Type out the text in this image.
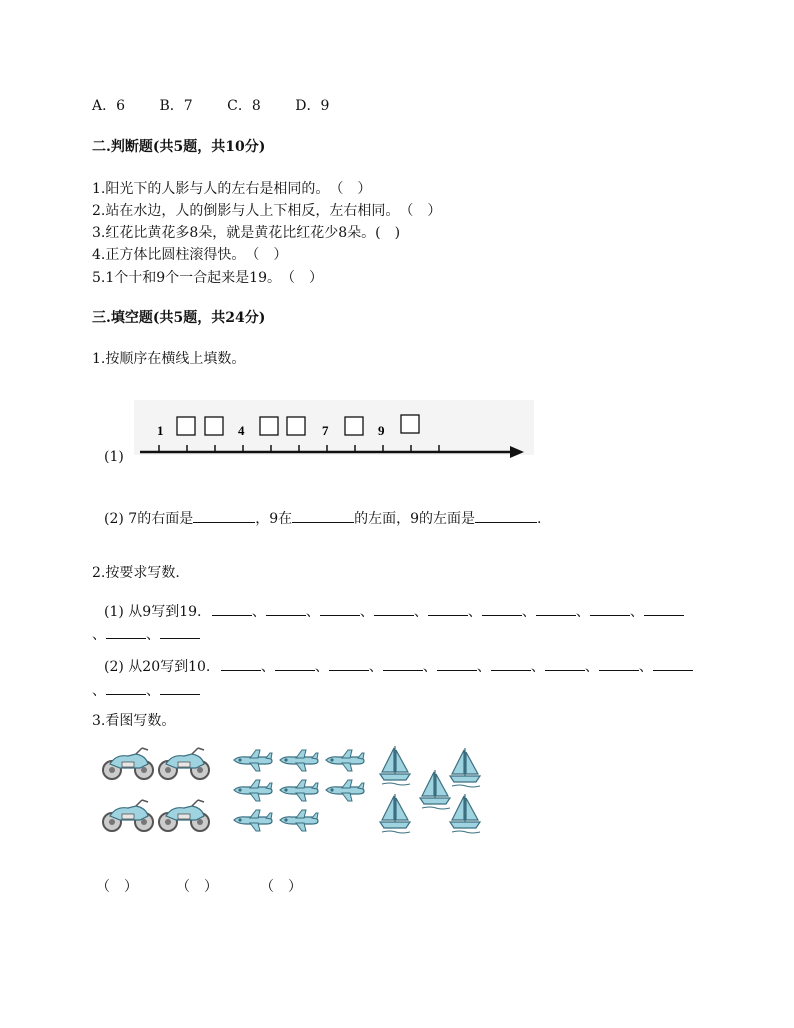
A．6 B．7 C．8 D．9
二.判断题(共5题，共10分)
1.阳光下的人影与人的左右是相同的。　（　）
2.站在水边，人的倒影与人上下相反，左右相同。　（　）
3.红花比黄花多8朵，就是黄花比红花少8朵。(　)
4.正方体比圆柱滚得快。　（　）
5.1个十和9个一合起来是19。　（　）
三.填空题(共5题，共24分)
1.按顺序在横线上填数。
(1)
1	4	7	9
(2) 7的右面是	，9在	的左面，9的左面是	.
2.按要求写数.
(1) 从9写到19.	、	、	、	、	、	、	、	、
、	、
(2) 从20写到10.	、	、	、	、	、	、	、	、
、	、
3.看图写数。
（　）	（　）	（　）
